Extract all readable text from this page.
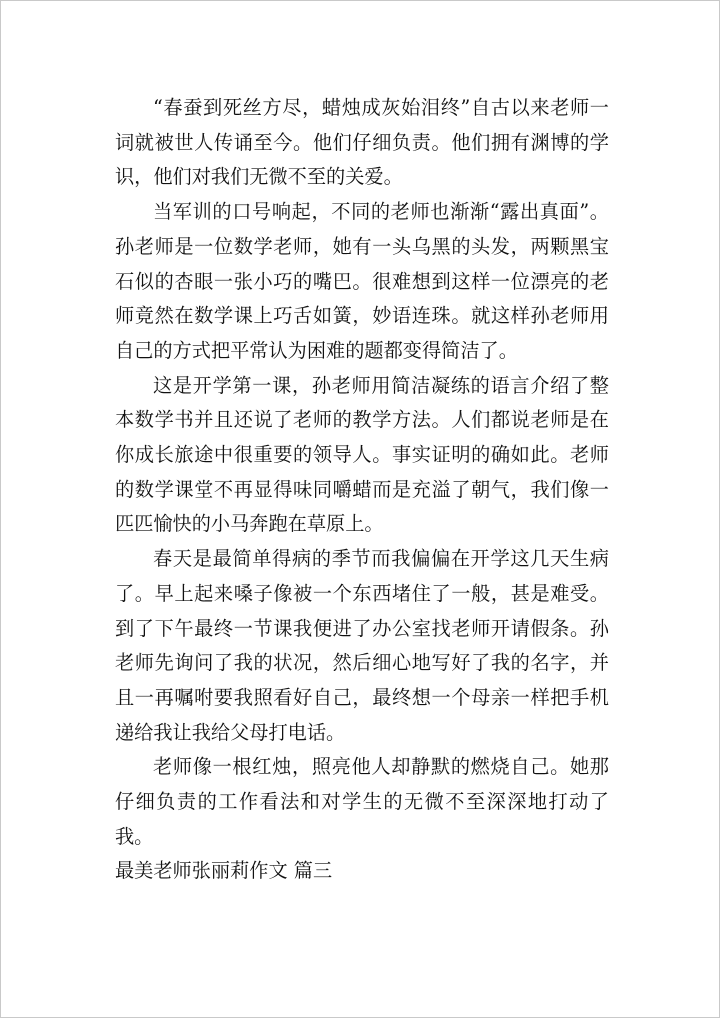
“春蚕到死丝方尽，蜡烛成灰始泪终”自古以来老师一词就被世人传诵至今。他们仔细负责。他们拥有渊博的学识，他们对我们无微不至的关爱。

当军训的口号响起，不同的老师也渐渐“露出真面”。孙老师是一位数学老师，她有一头乌黑的头发，两颗黑宝石似的杏眼一张小巧的嘴巴。很难想到这样一位漂亮的老师竟然在数学课上巧舌如簧，妙语连珠。就这样孙老师用自己的方式把平常认为困难的题都变得简洁了。

这是开学第一课，孙老师用简洁凝练的语言介绍了整本数学书并且还说了老师的教学方法。人们都说老师是在你成长旅途中很重要的领导人。事实证明的确如此。老师的数学课堂不再显得味同嚼蜡而是充溢了朝气，我们像一匹匹愉快的小马奔跑在草原上。

春天是最简单得病的季节而我偏偏在开学这几天生病了。早上起来嗓子像被一个东西堵住了一般，甚是难受。到了下午最终一节课我便进了办公室找老师开请假条。孙老师先询问了我的状况，然后细心地写好了我的名字，并且一再嘱咐要我照看好自己，最终想一个母亲一样把手机递给我让我给父母打电话。

老师像一根红烛，照亮他人却静默的燃烧自己。她那仔细负责的工作看法和对学生的无微不至深深地打动了我。

最美老师张丽莉作文 篇三
